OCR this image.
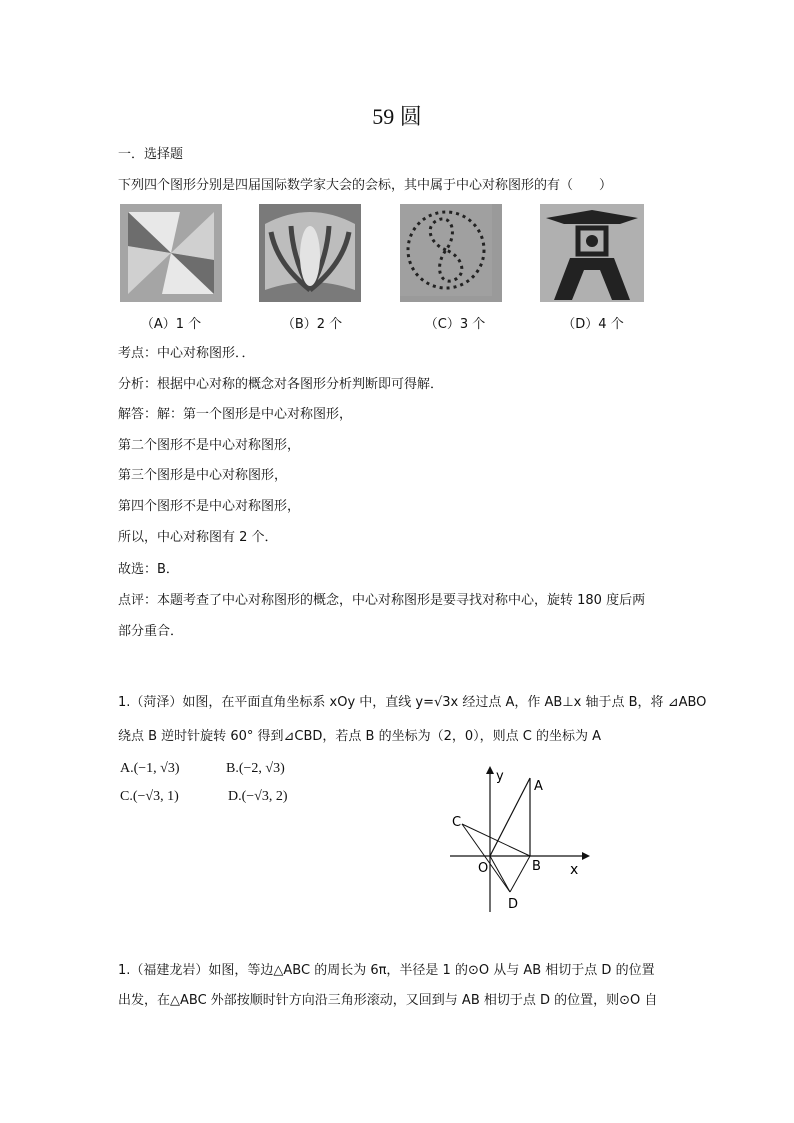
59 圆
一．选择题
下列四个图形分别是四届国际数学家大会的会标，其中属于中心对称图形的有（　　）
（A）1 个	（B）2 个	（C）3 个	（D）4 个
考点：中心对称图形．．
分析：根据中心对称的概念对各图形分析判断即可得解．
解答：解：第一个图形是中心对称图形，
第二个图形不是中心对称图形，
第三个图形是中心对称图形，
第四个图形不是中心对称图形，
所以，中心对称图有 2 个．
故选：B．
点评：本题考查了中心对称图形的概念，中心对称图形是要寻找对称中心，旋转 180 度后两
部分重合．
1.（菏泽）如图，在平面直角坐标系 xOy 中，直线 y=√3x 经过点 A，作 AB⊥x 轴于点 B，将 ⊿ABO
绕点 B 逆时针旋转 60° 得到⊿CBD，若点 B 的坐标为（2，0），则点 C 的坐标为 A
A.(−1, √3)	B.(−2, √3)
C.(−√3, 1)	D.(−√3, 2)
y
A
C
O	B x
D
1.（福建龙岩）如图，等边△ABC 的周长为 6π，半径是 1 的⊙O 从与 AB 相切于点 D 的位置
出发，在△ABC 外部按顺时针方向沿三角形滚动，又回到与 AB 相切于点 D 的位置，则⊙O 自
